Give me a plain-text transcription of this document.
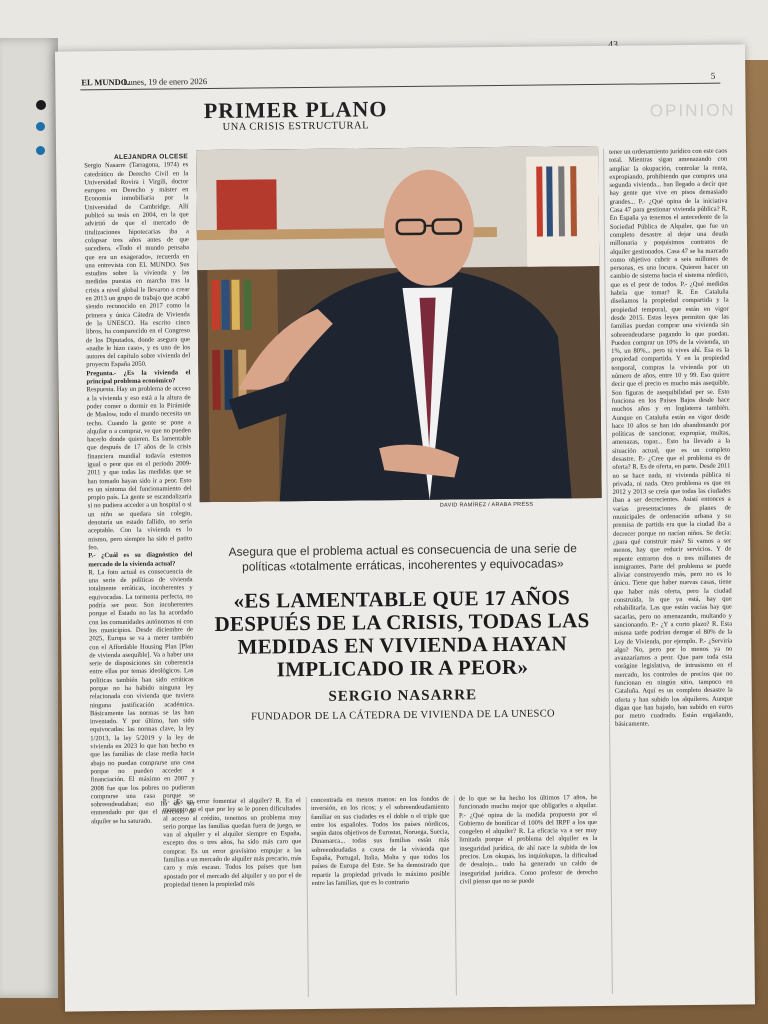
EL MUNDO.
Lunes, 19 de enero 2026
5
OPINION
PRIMER PLANO
UNA CRISIS ESTRUCTURAL
DAVID RAMÍREZ / ARABA PRESS

ALEJANDRA OLCESE

Sergio Nasarre (Tarragona, 1974) es catedrático de Derecho Civil en la Universidad Rovira i Virgili, doctor europeo en Derecho y máster en Economía inmobiliaria por la Universidad de Cambridge. Allí publicó su tesis en 2004, en la que advirtió de que el mercado de titulizaciones hipotecarias iba a colapsar tres años antes de que sucediera. «Todo el mundo pensaba que era un exagerado», recuerda en una entrevista con EL MUNDO. Sus estudios sobre la vivienda y las medidas puestas en marcha tras la crisis a nivel global le llevaron a crear en 2013 un grupo de trabajo que acabó siendo reconocido en 2017 como la primera y única Cátedra de Vivienda de la UNESCO. Ha escrito cinco libros, ha comparecido en el Congreso de los Diputados, donde asegura que «nadie le hizo caso», y es uno de los autores del capítulo sobre vivienda del proyecto España 2050.

Pregunta.- ¿Es la vivienda el principal problema económico?

Respuesta. Hay un problema de acceso a la vivienda y eso está a la altura de poder comer o dormir en la Pirámide de Maslow, todo el mundo necesita un techo. Cuando la gente se pone a alquilar o a comprar, ve que no pueden hacerlo donde quieren. Es lamentable que después de 17 años de la crisis financiera mundial todavía estemos igual o peor que en el periodo 2009-2011 y que todas las medidas que se han tomado hayan sido ir a peor. Esto es un síntoma del funcionamiento del propio país. La gente se escandalizaría si no pudiera acceder a un hospital o si un niño se quedara sin colegio, denotaría un estado fallido, no sería aceptable. Con la vivienda es lo mismo, pero siempre ha sido el patito feo.

P.- ¿Cuál es su diagnóstico del mercado de la vivienda actual?

R. La foto actual es consecuencia de una serie de políticas de vivienda totalmente erráticas, incoherentes y equivocadas. La tormenta perfecta, no podría ser peor. Son incoherentes porque el Estado no las ha acordado con las comunidades autónomas ni con los municipios. Desde diciembre de 2025, Europa se va a meter también con el Affordable Housing Plan [Plan de vivienda asequible]. Va a haber una serie de disposiciones sin coherencia entre ellas por temas ideológicos. Las políticas también han sido erráticas porque no ha habido ninguna ley relacionada con vivienda que tuviera ninguna justificación académica. Básicamente las normas se las han inventado. Y por último, han sido equivocadas: las normas clave, la ley 1/2013, la ley 5/2019 y la ley de vivienda en 2023 lo que han hecho es que las familias de clase media hacia abajo no puedan comprarse una casa porque no pueden acceder a financiación. El máximo en 2007 y 2008 fue que los pobres no pudieran comprarse una casa porque se sobreendeudaban; eso ha de ser enmendado por que el mercado de alquiler se ha saturado.

Asegura que el problema actual es consecuencia de una serie de políticas «totalmente erráticas, incoherentes y equivocadas»
«ES LAMENTABLE QUE 17 AÑOS DESPUÉS DE LA CRISIS, TODAS LAS MEDIDAS EN VIVIENDA HAYAN IMPLICADO IR A PEOR»
SERGIO NASARRE
FUNDADOR DE LA CÁTEDRA DE VIVIENDA DE LA UNESCO

P.- ¿Es un error fomentar el alquiler? R. En el momento en el que por ley se le ponen dificultades al acceso al crédito, tenemos un problema muy serio porque las familias quedan fuera de juego, se van al alquiler y el alquiler siempre en España, excepto dos o tres años, ha sido más caro que comprar. Es un error gravísimo empujar a las familias a un mercado de alquiler más precario, más caro y más escaso. Todos los países que han apostado por el mercado del alquiler y no por el de propiedad tienen la propiedad más

concentrada en menos manos: en los fondos de inversión, en los ricos; y el sobreendeudamiento familiar en sus ciudades es el doble o el triple que entre los españoles. Todos los países nórdicos, según datos objetivos de Eurostat, Noruega, Suecia, Dinamarca... todas sus familias están más sobreendeudadas a causa de la vivienda que España, Portugal, Italia, Malta y que todos los países de Europa del Este. Se ha demostrado que repartir la propiedad privada lo máximo posible entre las familias, que es lo contrario

de lo que se ha hecho los últimos 17 años, ha funcionado mucho mejor que obligarles a alquilar. P.- ¿Qué opina de la medida propuesta por el Gobierno de bonificar el 100% del IRPF a los que congelen el alquiler? R. La eficacia va a ser muy limitada porque el problema del alquiler es la inseguridad jurídica, de ahí nace la subida de los precios. Los okupas, los inquiokupas, la dificultad de desalojo... todo ha generado un caldo de inseguridad jurídica. Como profesor de derecho civil pienso que no se puede

tener un ordenamiento jurídico con este caos total. Mientras sigan amenazando con ampliar la okupación, controlar la renta, expropiando, prohibiendo que compres una segunda vivienda... han llegado a decir que hay gente que vive en pisos demasiado grandes... P.- ¿Qué opina de la iniciativa Casa 47 para gestionar vivienda pública? R. En España ya tenemos el antecedente de la Sociedad Pública de Alquiler, que fue un completo desastre al dejar una deuda millonaria y poquísimos contratos de alquiler gestionados. Casa 47 se ha marcado como objetivo cubrir a seis millones de personas, es una locura. Quieren hacer un cambio de sistema hacia el sistema nórdico, que es el peor de todos. P.- ¿Qué medidas habría que tomar? R. En Cataluña diseñamos la propiedad compartida y la propiedad temporal, que están en vigor desde 2015. Estas leyes permiten que las familias puedan comprar una vivienda sin sobreendeudarse pagando lo que puedan. Pueden comprar un 10% de la vivienda, un 1%, un 80%... pero tú vives ahí. Esa es la propiedad compartida. Y en la propiedad temporal, compras la vivienda por un número de años, entre 10 y 99. Eso quiere decir que el precio es mucho más asequible. Son figuras de asequibilidad per se. Esto funciona en los Países Bajos desde hace muchos años y en Inglaterra también. Aunque en Cataluña están en vigor desde hace 10 años se han ido abandonando por políticas de sancionar, expropiar, multas, amenazas, topar... Esto ha llevado a la situación actual, que es un completo desastre. P.- ¿Cree que el problema es de oferta? R. Es de oferta, en parte. Desde 2011 no se hace nada, ni vivienda pública ni privada, ni nada. Otro problema es que en 2012 y 2013 se creía que todas las ciudades iban a ser decrecientes. Asistí entonces a varias presentaciones de planes de municipales de ordenación urbana y su premisa de partida era que la ciudad iba a decrecer porque no nacían niños. Se decía: ¿para qué construir más? Si vamos a ser menos, hay que reducir servicios. Y de repente entraron dos o tres millones de inmigrantes. Parte del problema se puede aliviar construyendo más, pero no es lo único. Tiene que haber nuevas casas, tiene que haber más oferta, pero la ciudad construida, la que ya está, hay que rehabilitarla. Las que están vacías hay que sacarlas, pero no amenazando, multando y sancionando. P.- ¿Y a corto plazo? R. Esta misma tarde podrían derogar el 80% de la Ley de Vivienda, por ejemplo. P.- ¿Serviría algo? No, pero por lo menos ya no avanzaríamos a peor. Que pare toda esta vorágine legislativa, de intrusismo en el mercado, los controles de precios que no funcionan en ningún sitio, tampoco en Cataluña. Aquí es un completo desastre la oferta y han subido los alquileres. Aunque digan que han bajado, han subido en euros por metro cuadrado. Están engañando, básicamente.
